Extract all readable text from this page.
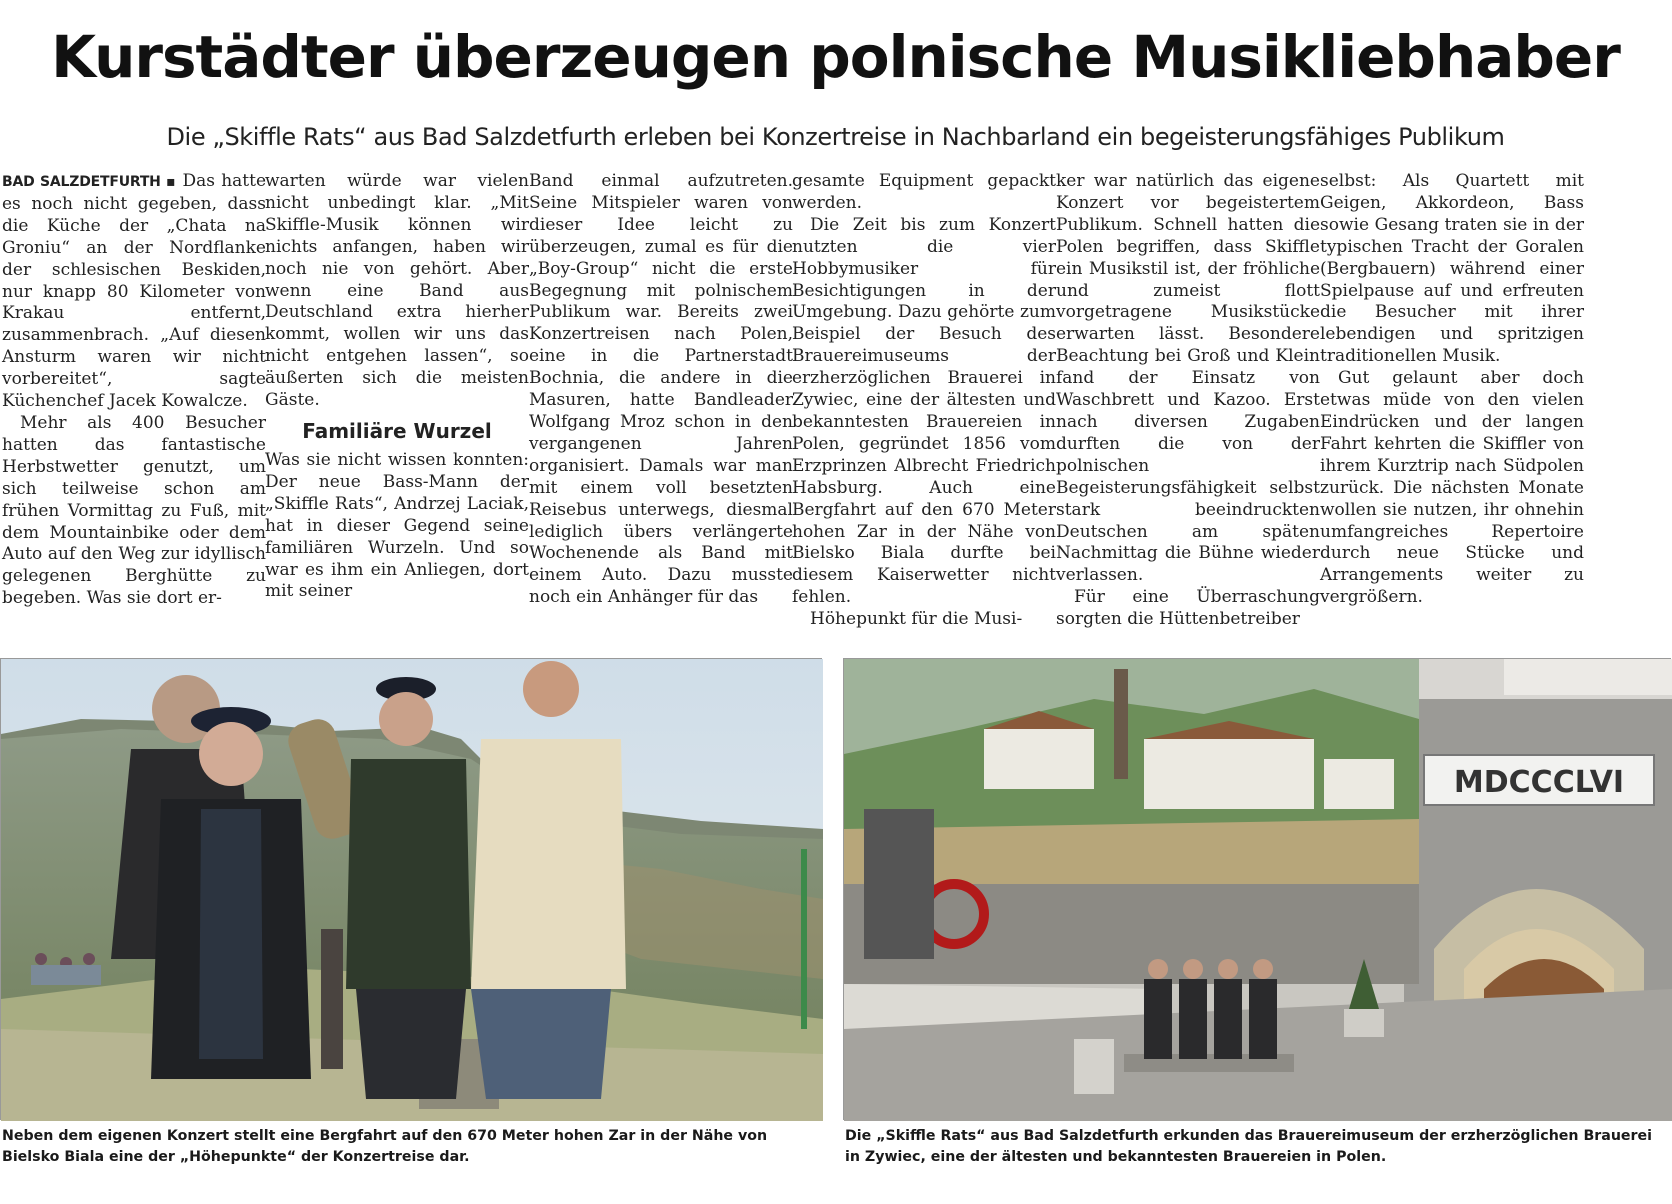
Kurstädter überzeugen polnische Musikliebhaber
Die „Skiffle Rats“ aus Bad Salzdetfurth erleben bei Konzertreise in Nachbarland ein begeisterungsfähiges Publikum

BAD SALZDETFURTH ▪ Das hatte es noch nicht gegeben, dass die Küche der „Chata na Groniu“ an der Nordflanke der schlesischen Beskiden, nur knapp 80 Kilometer von Krakau entfernt, zusammenbrach. „Auf diesen Ansturm waren wir nicht vorbereitet“, sagte Küchenchef Jacek Kowalcze.

Mehr als 400 Besucher hatten das fantastische Herbstwetter genutzt, um sich teilweise schon am frühen Vormittag zu Fuß, mit dem Mountainbike oder dem Auto auf den Weg zur idyllisch gelegenen Berghütte zu begeben. Was sie dort er-

warten würde war vielen nicht unbedingt klar. „Mit Skiffle-Musik können wir nichts anfangen, haben wir noch nie von gehört. Aber wenn eine Band aus Deutschland extra hierher kommt, wollen wir uns das nicht entgehen lassen“, so äußerten sich die meisten Gäste.

Familiäre Wurzel

Was sie nicht wissen konnten: Der neue Bass-Mann der „Skiffle Rats“, Andrzej Laciak, hat in dieser Gegend seine familiären Wurzeln. Und so war es ihm ein Anliegen, dort mit seiner

Band einmal aufzutreten. Seine Mitspieler waren von dieser Idee leicht zu überzeugen, zumal es für die „Boy-Group“ nicht die erste Begegnung mit polnischem Publikum war. Bereits zwei Konzertreisen nach Polen, eine in die Partnerstadt Bochnia, die andere in die Masuren, hatte Bandleader Wolfgang Mroz schon in den vergangenen Jahren organisiert. Damals war man mit einem voll besetzten Reisebus unterwegs, diesmal lediglich übers verlängerte Wochenende als Band mit einem Auto. Dazu musste noch ein Anhänger für das

gesamte Equipment gepackt werden.

Die Zeit bis zum Konzert nutzten die vier Hobbymusiker für Besichtigungen in der Umgebung. Dazu gehörte zum Beispiel der Besuch des Brauereimuseums der erzherzöglichen Brauerei in Zywiec, eine der ältesten und bekanntesten Brauereien in Polen, gegründet 1856 vom Erzprinzen Albrecht Friedrich Habsburg. Auch eine Bergfahrt auf den 670 Meter hohen Zar in der Nähe von Bielsko Biala durfte bei diesem Kaiserwetter nicht fehlen.

Höhepunkt für die Musi-

ker war natürlich das eigene Konzert vor begeistertem Publikum. Schnell hatten die Polen begriffen, dass Skiffle ein Musikstil ist, der fröhliche und zumeist flott vorgetragene Musikstücke erwarten lässt. Besondere Beachtung bei Groß und Klein fand der Einsatz von Waschbrett und Kazoo. Erst nach diversen Zugaben durften die von der polnischen Begeisterungsfähigkeit selbst stark beeindruckten Deutschen am späten Nachmittag die Bühne wieder verlassen.

Für eine Überraschung sorgten die Hüttenbetreiber

selbst: Als Quartett mit Geigen, Akkordeon, Bass sowie Gesang traten sie in der typischen Tracht der Goralen (Bergbauern) während einer Spielpause auf und erfreuten die Besucher mit ihrer lebendigen und spritzigen traditionellen Musik.

Gut gelaunt aber doch etwas müde von den vielen Eindrücken und der langen Fahrt kehrten die Skiffler von ihrem Kurztrip nach Südpolen zurück. Die nächsten Monate wollen sie nutzen, ihr ohnehin umfangreiches Repertoire durch neue Stücke und Arrangements weiter zu vergrößern.

MDCCCLVI
Neben dem eigenen Konzert stellt eine Bergfahrt auf den 670 Meter hohen Zar in der Nähe von Bielsko Biala eine der „Höhepunkte“ der Konzertreise dar.
Die „Skiffle Rats“ aus Bad Salzdetfurth erkunden das Brauereimuseum der erzherzöglichen Brauerei in Zywiec, eine der ältesten und bekanntesten Brauereien in Polen.
